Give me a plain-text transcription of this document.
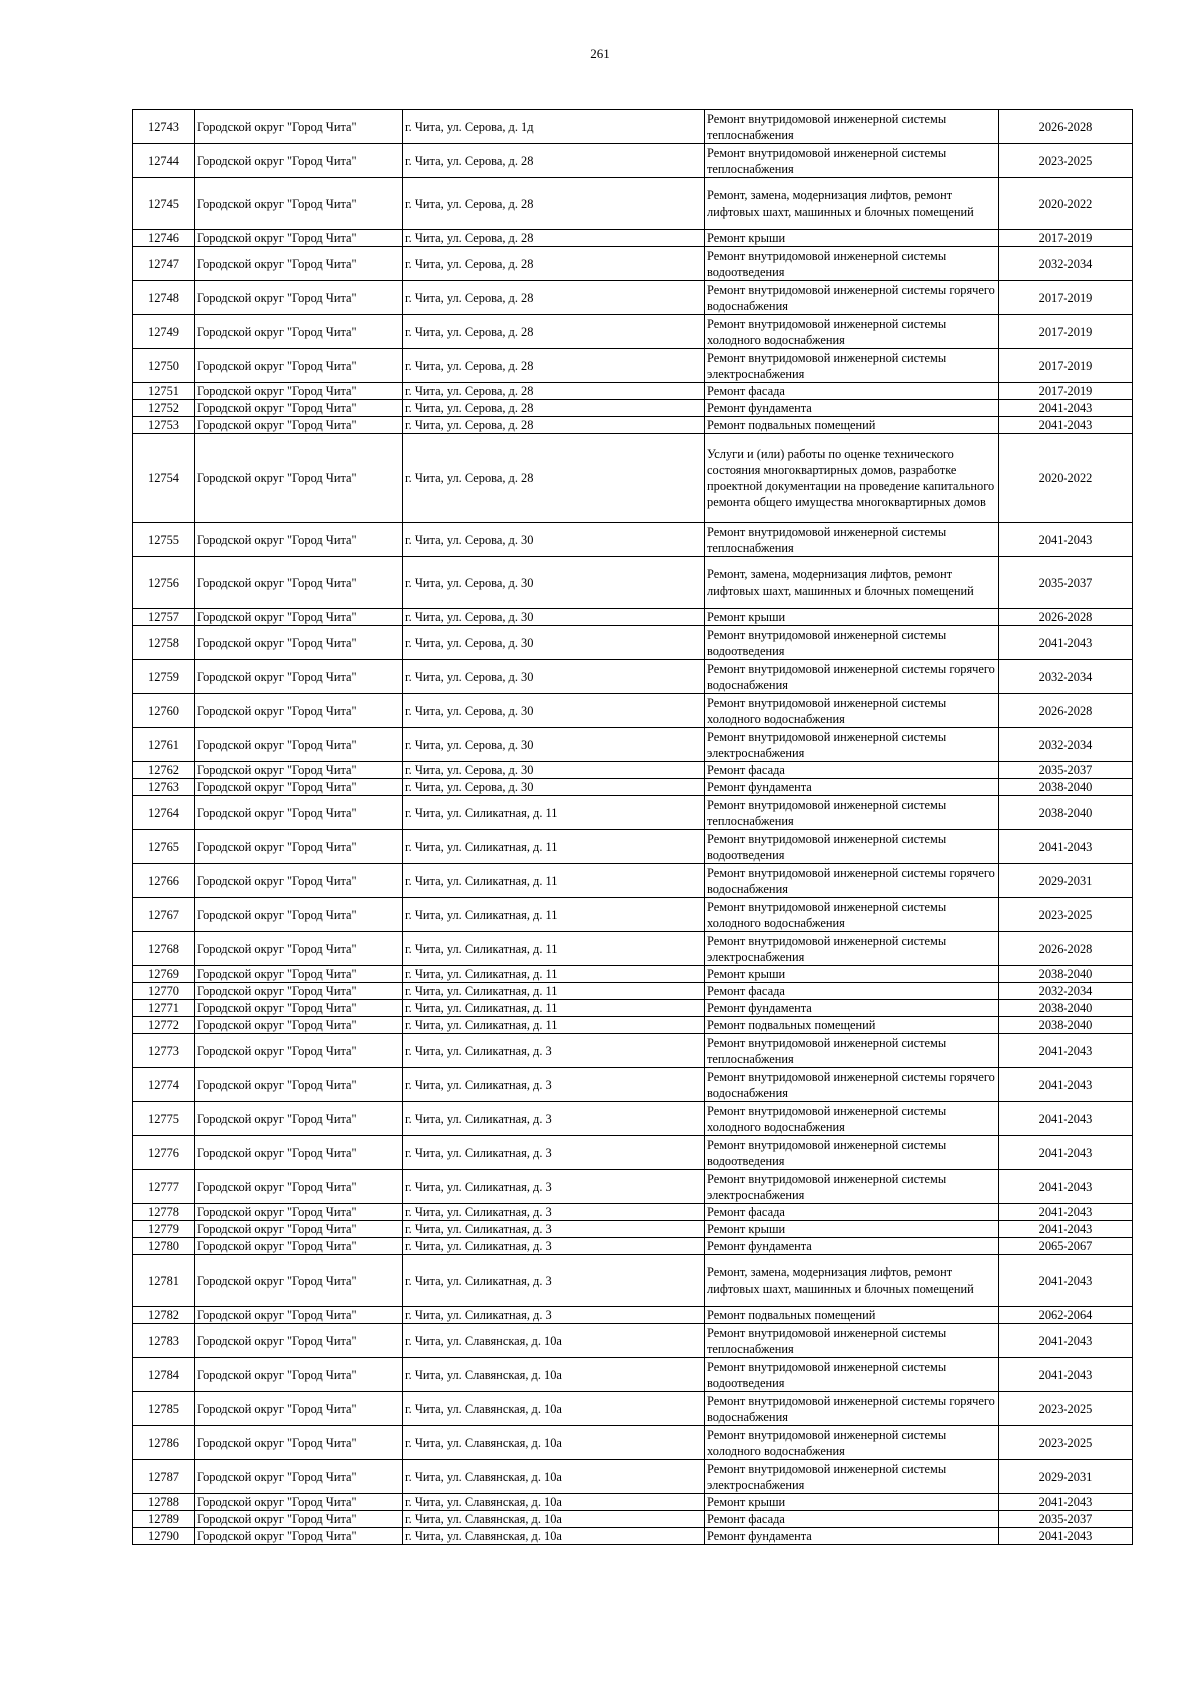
261
12743	Городской округ "Город Чита"	г. Чита, ул. Серова, д. 1д	Ремонт внутридомовой инженерной системы теплоснабжения	2026-2028
12744	Городской округ "Город Чита"	г. Чита, ул. Серова, д. 28	Ремонт внутридомовой инженерной системы теплоснабжения	2023-2025
12745	Городской округ "Город Чита"	г. Чита, ул. Серова, д. 28	Ремонт, замена, модернизация лифтов, ремонт лифтовых шахт, машинных и блочных помещений	2020-2022
12746	Городской округ "Город Чита"	г. Чита, ул. Серова, д. 28	Ремонт крыши	2017-2019
12747	Городской округ "Город Чита"	г. Чита, ул. Серова, д. 28	Ремонт внутридомовой инженерной системы водоотведения	2032-2034
12748	Городской округ "Город Чита"	г. Чита, ул. Серова, д. 28	Ремонт внутридомовой инженерной системы горячего водоснабжения	2017-2019
12749	Городской округ "Город Чита"	г. Чита, ул. Серова, д. 28	Ремонт внутридомовой инженерной системы холодного водоснабжения	2017-2019
12750	Городской округ "Город Чита"	г. Чита, ул. Серова, д. 28	Ремонт внутридомовой инженерной системы электроснабжения	2017-2019
12751	Городской округ "Город Чита"	г. Чита, ул. Серова, д. 28	Ремонт фасада	2017-2019
12752	Городской округ "Город Чита"	г. Чита, ул. Серова, д. 28	Ремонт фундамента	2041-2043
12753	Городской округ "Город Чита"	г. Чита, ул. Серова, д. 28	Ремонт подвальных помещений	2041-2043
12754	Городской округ "Город Чита"	г. Чита, ул. Серова, д. 28	Услуги и (или) работы по оценке технического состояния многоквартирных домов, разработке проектной документации на проведение капитального ремонта общего имущества многоквартирных домов	2020-2022
12755	Городской округ "Город Чита"	г. Чита, ул. Серова, д. 30	Ремонт внутридомовой инженерной системы теплоснабжения	2041-2043
12756	Городской округ "Город Чита"	г. Чита, ул. Серова, д. 30	Ремонт, замена, модернизация лифтов, ремонт лифтовых шахт, машинных и блочных помещений	2035-2037
12757	Городской округ "Город Чита"	г. Чита, ул. Серова, д. 30	Ремонт крыши	2026-2028
12758	Городской округ "Город Чита"	г. Чита, ул. Серова, д. 30	Ремонт внутридомовой инженерной системы водоотведения	2041-2043
12759	Городской округ "Город Чита"	г. Чита, ул. Серова, д. 30	Ремонт внутридомовой инженерной системы горячего водоснабжения	2032-2034
12760	Городской округ "Город Чита"	г. Чита, ул. Серова, д. 30	Ремонт внутридомовой инженерной системы холодного водоснабжения	2026-2028
12761	Городской округ "Город Чита"	г. Чита, ул. Серова, д. 30	Ремонт внутридомовой инженерной системы электроснабжения	2032-2034
12762	Городской округ "Город Чита"	г. Чита, ул. Серова, д. 30	Ремонт фасада	2035-2037
12763	Городской округ "Город Чита"	г. Чита, ул. Серова, д. 30	Ремонт фундамента	2038-2040
12764	Городской округ "Город Чита"	г. Чита, ул. Силикатная, д. 11	Ремонт внутридомовой инженерной системы теплоснабжения	2038-2040
12765	Городской округ "Город Чита"	г. Чита, ул. Силикатная, д. 11	Ремонт внутридомовой инженерной системы водоотведения	2041-2043
12766	Городской округ "Город Чита"	г. Чита, ул. Силикатная, д. 11	Ремонт внутридомовой инженерной системы горячего водоснабжения	2029-2031
12767	Городской округ "Город Чита"	г. Чита, ул. Силикатная, д. 11	Ремонт внутридомовой инженерной системы холодного водоснабжения	2023-2025
12768	Городской округ "Город Чита"	г. Чита, ул. Силикатная, д. 11	Ремонт внутридомовой инженерной системы электроснабжения	2026-2028
12769	Городской округ "Город Чита"	г. Чита, ул. Силикатная, д. 11	Ремонт крыши	2038-2040
12770	Городской округ "Город Чита"	г. Чита, ул. Силикатная, д. 11	Ремонт фасада	2032-2034
12771	Городской округ "Город Чита"	г. Чита, ул. Силикатная, д. 11	Ремонт фундамента	2038-2040
12772	Городской округ "Город Чита"	г. Чита, ул. Силикатная, д. 11	Ремонт подвальных помещений	2038-2040
12773	Городской округ "Город Чита"	г. Чита, ул. Силикатная, д. 3	Ремонт внутридомовой инженерной системы теплоснабжения	2041-2043
12774	Городской округ "Город Чита"	г. Чита, ул. Силикатная, д. 3	Ремонт внутридомовой инженерной системы горячего водоснабжения	2041-2043
12775	Городской округ "Город Чита"	г. Чита, ул. Силикатная, д. 3	Ремонт внутридомовой инженерной системы холодного водоснабжения	2041-2043
12776	Городской округ "Город Чита"	г. Чита, ул. Силикатная, д. 3	Ремонт внутридомовой инженерной системы водоотведения	2041-2043
12777	Городской округ "Город Чита"	г. Чита, ул. Силикатная, д. 3	Ремонт внутридомовой инженерной системы электроснабжения	2041-2043
12778	Городской округ "Город Чита"	г. Чита, ул. Силикатная, д. 3	Ремонт фасада	2041-2043
12779	Городской округ "Город Чита"	г. Чита, ул. Силикатная, д. 3	Ремонт крыши	2041-2043
12780	Городской округ "Город Чита"	г. Чита, ул. Силикатная, д. 3	Ремонт фундамента	2065-2067
12781	Городской округ "Город Чита"	г. Чита, ул. Силикатная, д. 3	Ремонт, замена, модернизация лифтов, ремонт лифтовых шахт, машинных и блочных помещений	2041-2043
12782	Городской округ "Город Чита"	г. Чита, ул. Силикатная, д. 3	Ремонт подвальных помещений	2062-2064
12783	Городской округ "Город Чита"	г. Чита, ул. Славянская, д. 10а	Ремонт внутридомовой инженерной системы теплоснабжения	2041-2043
12784	Городской округ "Город Чита"	г. Чита, ул. Славянская, д. 10а	Ремонт внутридомовой инженерной системы водоотведения	2041-2043
12785	Городской округ "Город Чита"	г. Чита, ул. Славянская, д. 10а	Ремонт внутридомовой инженерной системы горячего водоснабжения	2023-2025
12786	Городской округ "Город Чита"	г. Чита, ул. Славянская, д. 10а	Ремонт внутридомовой инженерной системы холодного водоснабжения	2023-2025
12787	Городской округ "Город Чита"	г. Чита, ул. Славянская, д. 10а	Ремонт внутридомовой инженерной системы электроснабжения	2029-2031
12788	Городской округ "Город Чита"	г. Чита, ул. Славянская, д. 10а	Ремонт крыши	2041-2043
12789	Городской округ "Город Чита"	г. Чита, ул. Славянская, д. 10а	Ремонт фасада	2035-2037
12790	Городской округ "Город Чита"	г. Чита, ул. Славянская, д. 10а	Ремонт фундамента	2041-2043
